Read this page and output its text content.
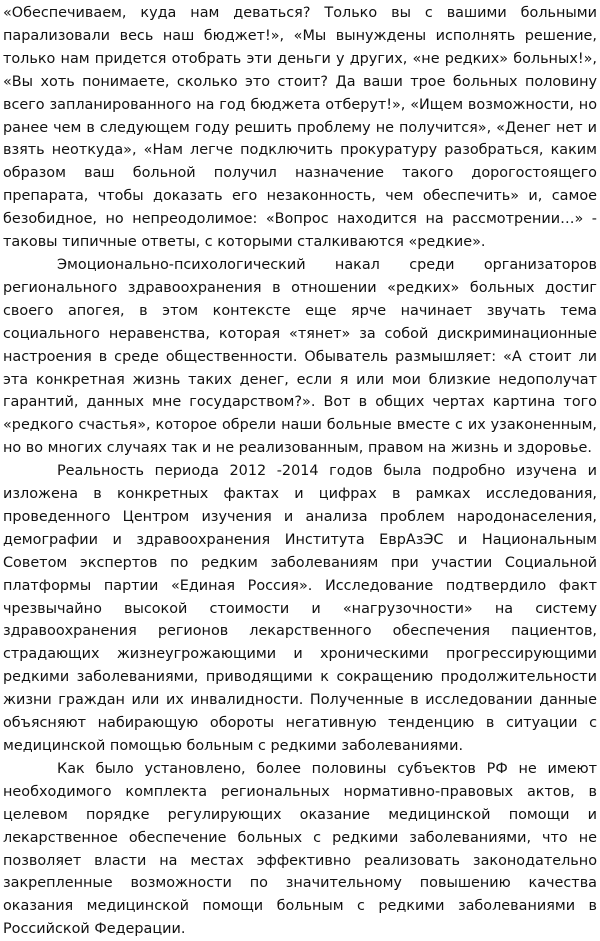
«Обеспечиваем, куда нам деваться? Только вы с вашими больными парализовали весь наш бюджет!», «Мы вынуждены исполнять решение, только нам придется отобрать эти деньги у других, «не редких» больных!», «Вы хоть понимаете, сколько это стоит? Да ваши трое больных половину всего запланированного на год бюджета отберут!», «Ищем возможности, но ранее чем в следующем году решить проблему не получится», «Денег нет и взять неоткуда», «Нам легче подключить прокуратуру разобраться, каким образом ваш больной получил назначение такого дорогостоящего препарата, чтобы доказать его незаконность, чем обеспечить» и, самое безобидное, но непреодолимое: «Вопрос находится на рассмотрении…» - таковы типичные ответы, с которыми сталкиваются «редкие».

Эмоционально-психологический накал среди организаторов регионального здравоохранения в отношении «редких» больных достиг своего апогея, в этом контексте еще ярче начинает звучать тема социального неравенства, которая «тянет» за собой дискриминационные настроения в среде общественности. Обыватель размышляет: «А стоит ли эта конкретная жизнь таких денег, если я или мои близкие недополучат гарантий, данных мне государством?». Вот в общих чертах картина того «редкого счастья», которое обрели наши больные вместе с их узаконенным, но во многих случаях так и не реализованным, правом на жизнь и здоровье.

Реальность периода 2012 -2014 годов была подробно изучена и изложена в конкретных фактах и цифрах в рамках исследования, проведенного Центром изучения и анализа проблем народонаселения, демографии и здравоохранения Института ЕврАзЭС и Национальным Советом экспертов по редким заболеваниям при участии Социальной платформы партии «Единая Россия». Исследование подтвердило факт чрезвычайно высокой стоимости и «нагрузочности» на систему здравоохранения регионов лекарственного обеспечения пациентов, страдающих жизнеугрожающими и хроническими прогрессирующими редкими заболеваниями, приводящими к сокращению продолжительности жизни граждан или их инвалидности. Полученные в исследовании данные объясняют набирающую обороты негативную тенденцию в ситуации с медицинской помощью больным с редкими заболеваниями.

Как было установлено, более половины субъектов РФ не имеют необходимого комплекта региональных нормативно-правовых актов, в целевом порядке регулирующих оказание медицинской помощи и лекарственное обеспечение больных с редкими заболеваниями, что не позволяет власти на местах эффективно реализовать законодательно закрепленные возможности по значительному повышению качества оказания медицинской помощи больным с редкими заболеваниями в Российской Федерации.
